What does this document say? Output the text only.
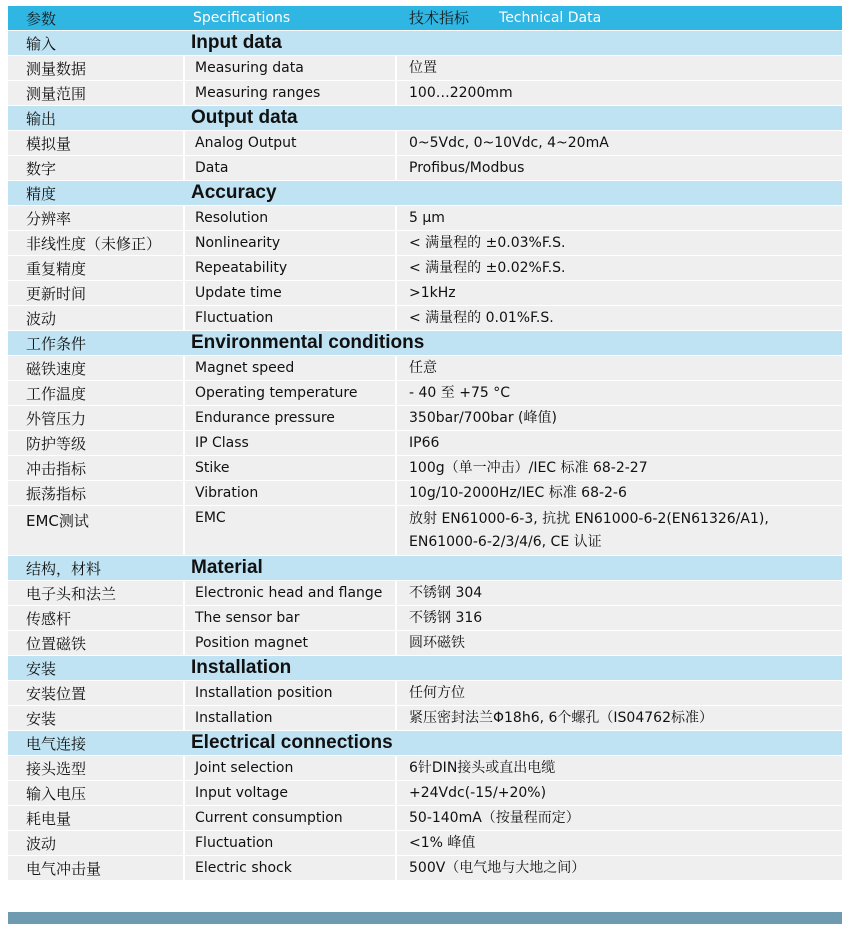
参数	Specifications	技术指标 Technical Data
输入	Input data
测量数据	Measuring data	位置
测量范围	Measuring ranges	100…2200mm
输出	Output data
模拟量	Analog Output	0~5Vdc, 0~10Vdc, 4~20mA
数字	Data	Profibus/Modbus
精度	Accuracy
分辨率	Resolution	5 μm
非线性度（未修正）	Nonlinearity	< 满量程的 ±0.03%F.S.
重复精度	Repeatability	< 满量程的 ±0.02%F.S.
更新时间	Update time	>1kHz
波动	Fluctuation	< 满量程的 0.01%F.S.
工作条件	Environmental conditions
磁铁速度	Magnet speed	任意
工作温度	Operating temperature	- 40 至 +75 °C
外管压力	Endurance pressure	350bar/700bar (峰值)
防护等级	IP Class	IP66
冲击指标	Stike	100g（单一冲击）/IEC 标准 68-2-27
振荡指标	Vibration	10g/10-2000Hz/IEC 标准 68-2-6
EMC测试	EMC	放射 EN61000-6-3, 抗扰 EN61000-6-2(EN61326/A1),
EN61000-6-2/3/4/6, CE 认证
结构，材料	Material
电子头和法兰	Electronic head and flange	不锈钢 304
传感杆	The sensor bar	不锈钢 316
位置磁铁	Position magnet	圆环磁铁
安装	Installation
安装位置	Installation position	任何方位
安装	Installation	紧压密封法兰Φ18h6, 6个螺孔（IS04762标准）
电气连接	Electrical connections
接头选型	Joint selection	6针DIN接头或直出电缆
输入电压	Input voltage	+24Vdc(-15/+20%)
耗电量	Current consumption	50-140mA（按量程而定）
波动	Fluctuation	<1% 峰值
电气冲击量	Electric shock	500V（电气地与大地之间）
